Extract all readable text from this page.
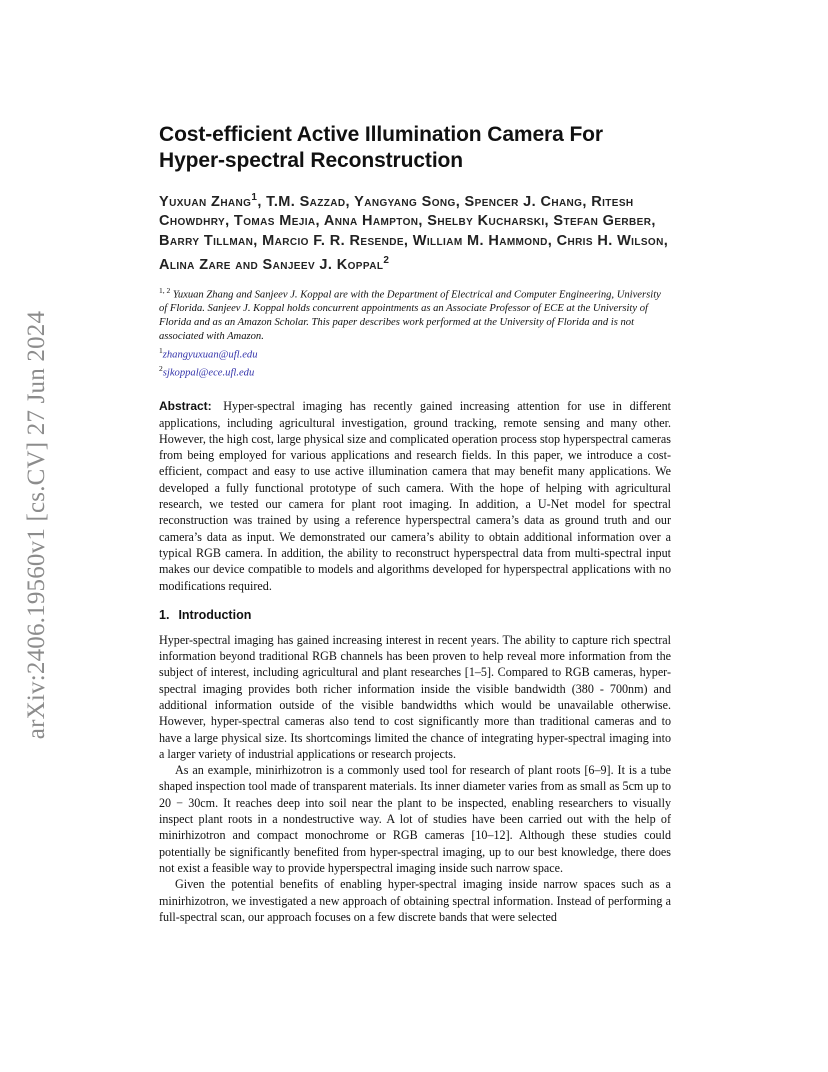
arXiv:2406.19560v1 [cs.CV] 27 Jun 2024
Cost-efficient Active Illumination Camera For
Hyper-spectral Reconstruction
Yuxuan Zhang$^1$, T.M. Sazzad, Yangyang Song, Spencer J. Chang, Ritesh Chowdhry, Tomas Mejia, Anna Hampton, Shelby Kucharski, Stefan Gerber, Barry Tillman, Marcio F. R. Resende, William M. Hammond, Chris H. Wilson, Alina Zare and Sanjeev J. Koppal$^2$
$^{1, 2}$ Yuxuan Zhang and Sanjeev J. Koppal are with the Department of Electrical and Computer Engineering, University of Florida. Sanjeev J. Koppal holds concurrent appointments as an Associate Professor of ECE at the University of Florida and as an Amazon Scholar. This paper describes work performed at the University of Florida and is not associated with Amazon.
$^1$zhangyuxuan@ufl.edu
$^2$sjkoppal@ece.ufl.edu
Abstract: Hyper-spectral imaging has recently gained increasing attention for use in different applications, including agricultural investigation, ground tracking, remote sensing and many other. However, the high cost, large physical size and complicated operation process stop hyperspectral cameras from being employed for various applications and research fields. In this paper, we introduce a cost-efficient, compact and easy to use active illumination camera that may benefit many applications. We developed a fully functional prototype of such camera. With the hope of helping with agricultural research, we tested our camera for plant root imaging. In addition, a U-Net model for spectral reconstruction was trained by using a reference hyperspectral camera’s data as ground truth and our camera’s data as input. We demonstrated our camera’s ability to obtain additional information over a typical RGB camera. In addition, the ability to reconstruct hyperspectral data from multi-spectral input makes our device compatible to models and algorithms developed for hyperspectral applications with no modifications required.
1. Introduction

Hyper-spectral imaging has gained increasing interest in recent years. The ability to capture rich spectral information beyond traditional RGB channels has been proven to help reveal more information from the subject of interest, including agricultural and plant researches [1–5]. Compared to RGB cameras, hyper-spectral imaging provides both richer information inside the visible bandwidth (380 - 700nm) and additional information outside of the visible bandwidths which would be unavailable otherwise. However, hyper-spectral cameras also tend to cost significantly more than traditional cameras and to have a large physical size. Its shortcomings limited the chance of integrating hyper-spectral imaging into a larger variety of industrial applications or research projects.

As an example, minirhizotron is a commonly used tool for research of plant roots [6–9]. It is a tube shaped inspection tool made of transparent materials. Its inner diameter varies from as small as 5cm up to 20 − 30cm. It reaches deep into soil near the plant to be inspected, enabling researchers to visually inspect plant roots in a nondestructive way. A lot of studies have been carried out with the help of minirhizotron and compact monochrome or RGB cameras [10–12]. Although these studies could potentially be significantly benefited from hyper-spectral imaging, up to our best knowledge, there does not exist a feasible way to provide hyperspectral imaging inside such narrow space.

Given the potential benefits of enabling hyper-spectral imaging inside narrow spaces such as a minirhizotron, we investigated a new approach of obtaining spectral information. Instead of performing a full-spectral scan, our approach focuses on a few discrete bands that were selected
